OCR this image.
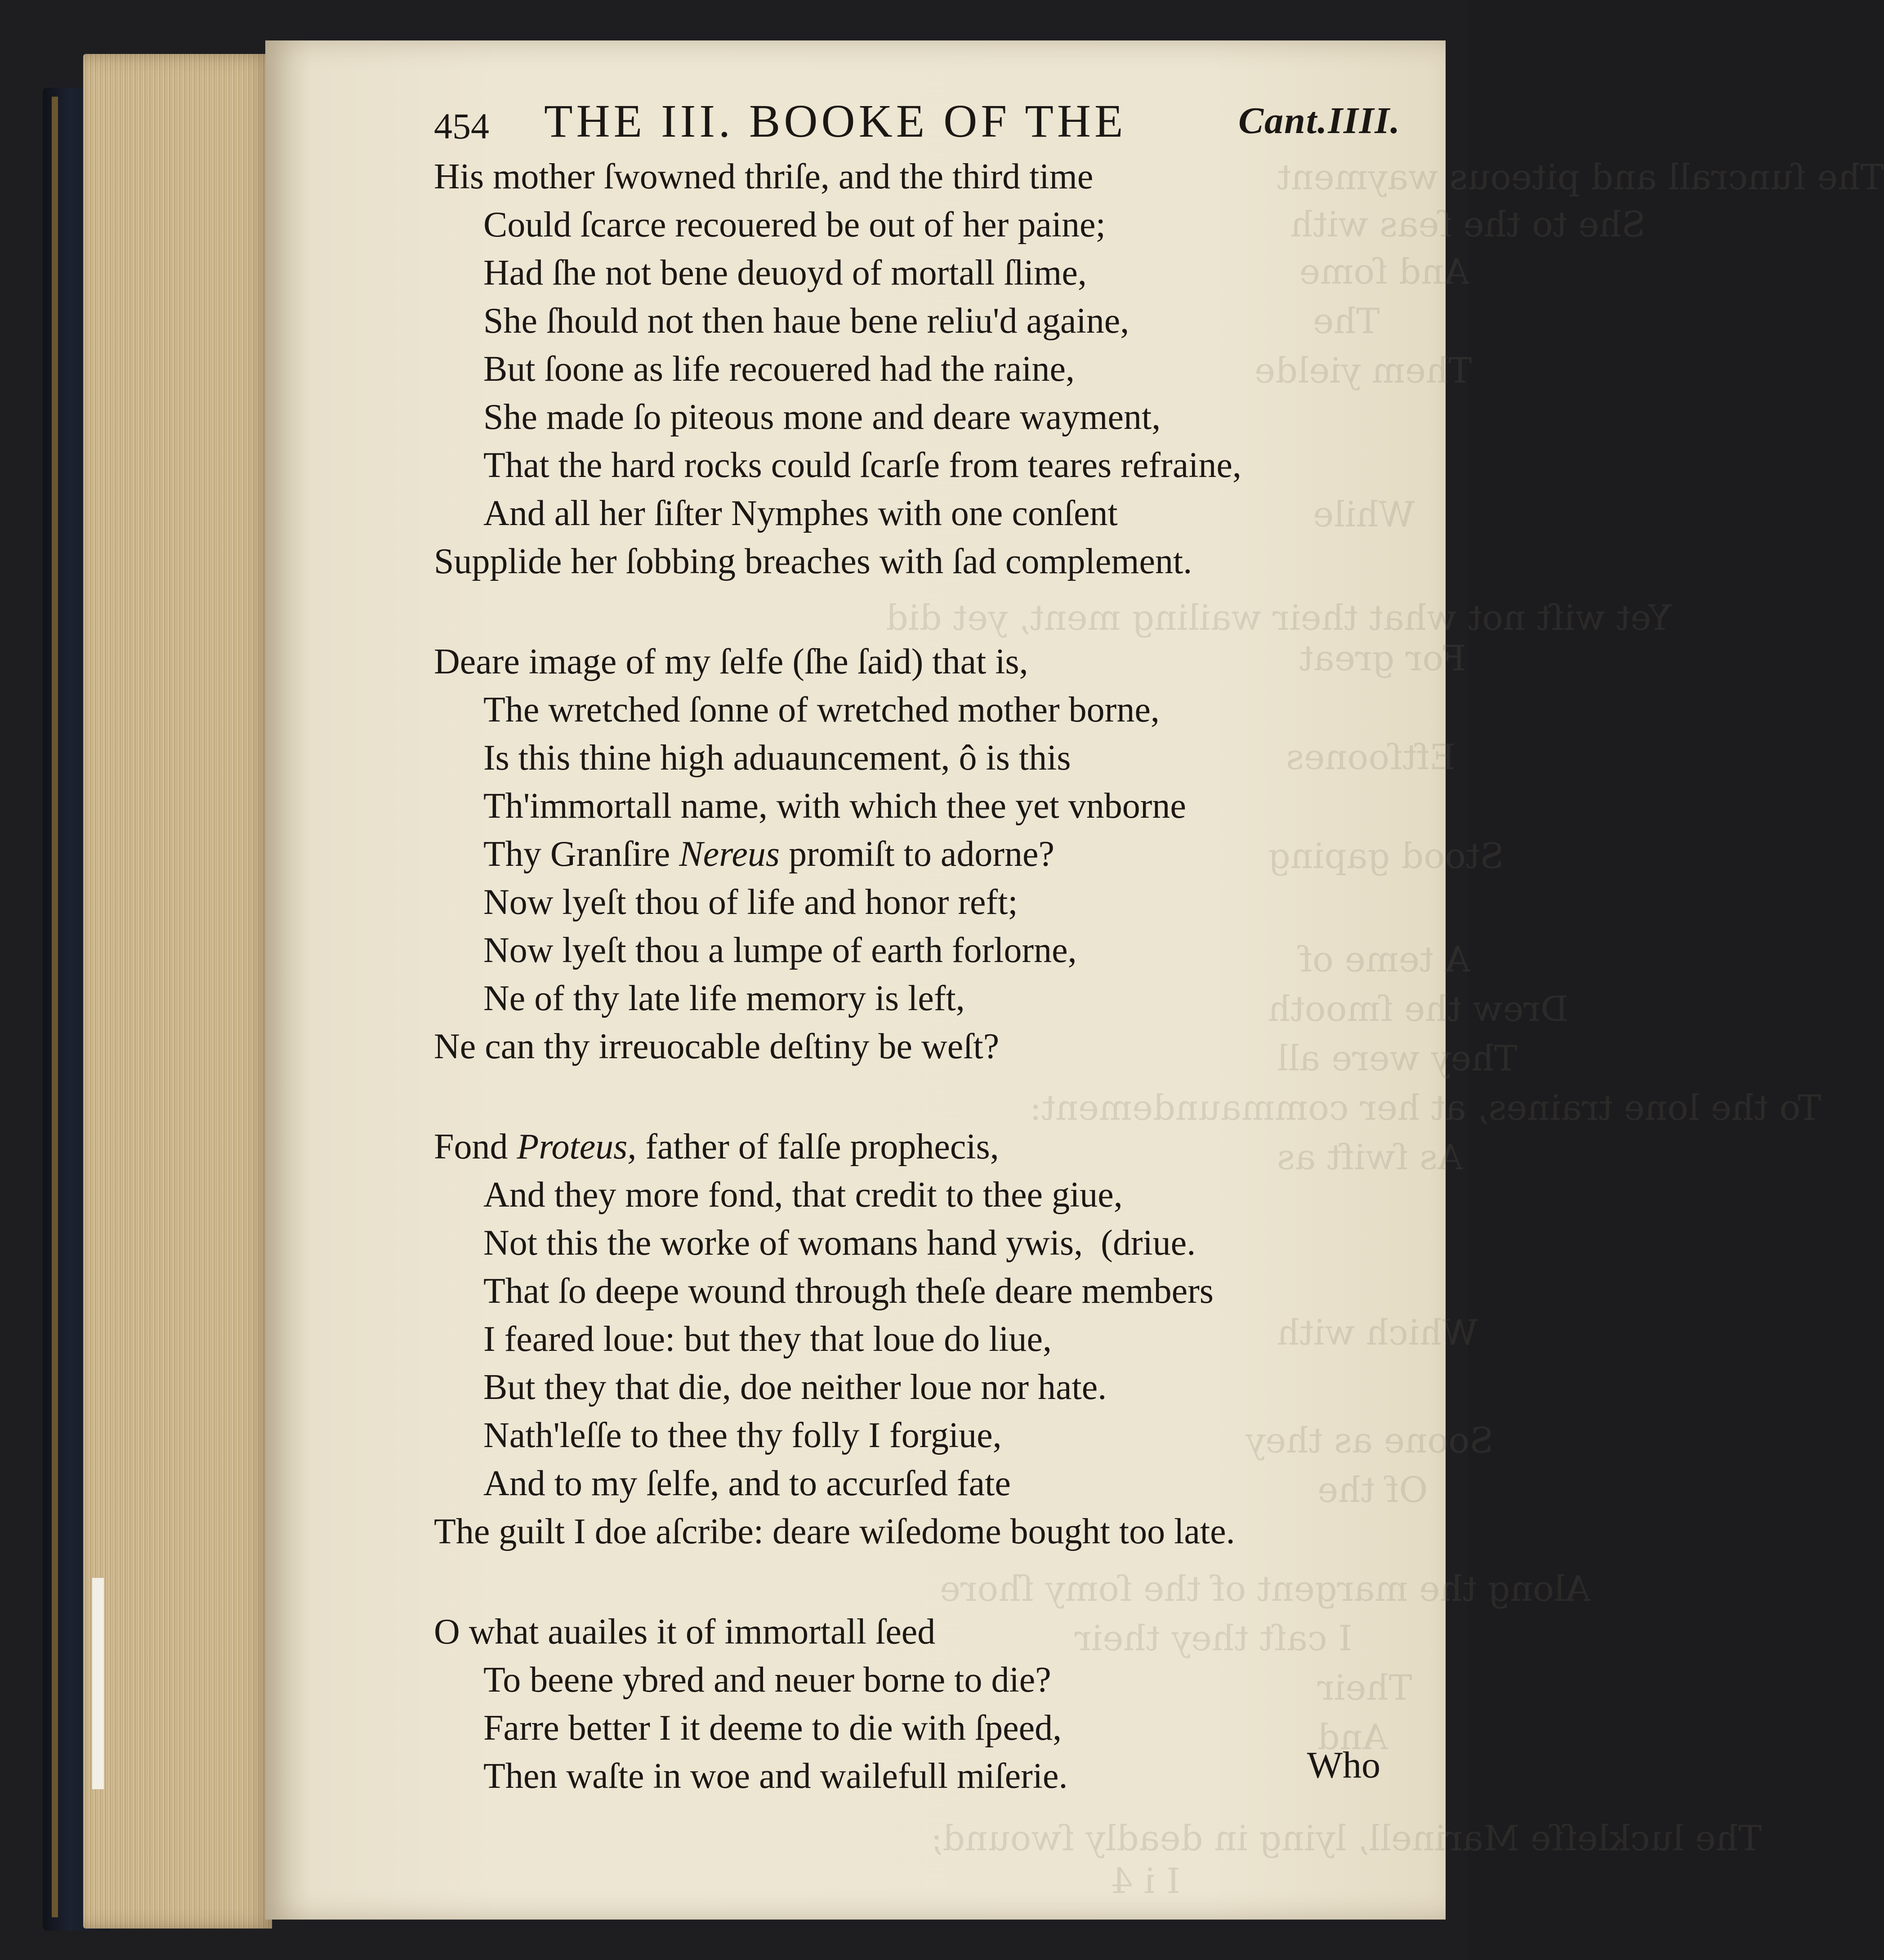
The ſuncrall and piteous wayment
She to the ſeas with
And ſome
The
Them yielde
While
Yet wiſt not what their wailing ment, yet did
For great
Eftſoones
Stood gaping
A teme of
Drew the ſmooth
They were all
To the lone traines, at her commaundement:
As ſwift as
Which with
Soone as they
Of the
Along the margent of the ſomy ſhore
I caſt they their
Their
And
The luckleſſe Marinell, lying in deadly ſwound;
I i 4
454 THE III. BOOKE OF THE	Cant.IIII.
His mother ſwowned thriſe, and the third time
Could ſcarce recouered be out of her paine;
Had ſhe not bene deuoyd of mortall ſlime,
She ſhould not then haue bene reliu'd againe,
But ſoone as life recouered had the raine,
She made ſo piteous mone and deare wayment,
That the hard rocks could ſcarſe from teares refraine,
And all her ſiſter Nymphes with one conſent
Supplide her ſobbing breaches with ſad complement.
Deare image of my ſelfe (ſhe ſaid) that is,
The wretched ſonne of wretched mother borne,
Is this thine high aduauncement, ô is this
Th'immortall name, with which thee yet vnborne
Thy Granſire Nereus promiſt to adorne?
Now lyeſt thou of life and honor reft;
Now lyeſt thou a lumpe of earth forlorne,
Ne of thy late life memory is left,
Ne can thy irreuocable deſtiny be weſt?
Fond Proteus, father of falſe prophecis,
And they more fond, that credit to thee giue,
Not this the worke of womans hand ywis, (driue.
That ſo deepe wound through theſe deare members
I feared loue: but they that loue do liue,
But they that die, doe neither loue nor hate.
Nath'leſſe to thee thy folly I forgiue,
And to my ſelfe, and to accurſed fate
The guilt I doe aſcribe: deare wiſedome bought too late.
O what auailes it of immortall ſeed
To beene ybred and neuer borne to die?
Farre better I it deeme to die with ſpeed,
Then waſte in woe and wailefull miſerie.	Who
